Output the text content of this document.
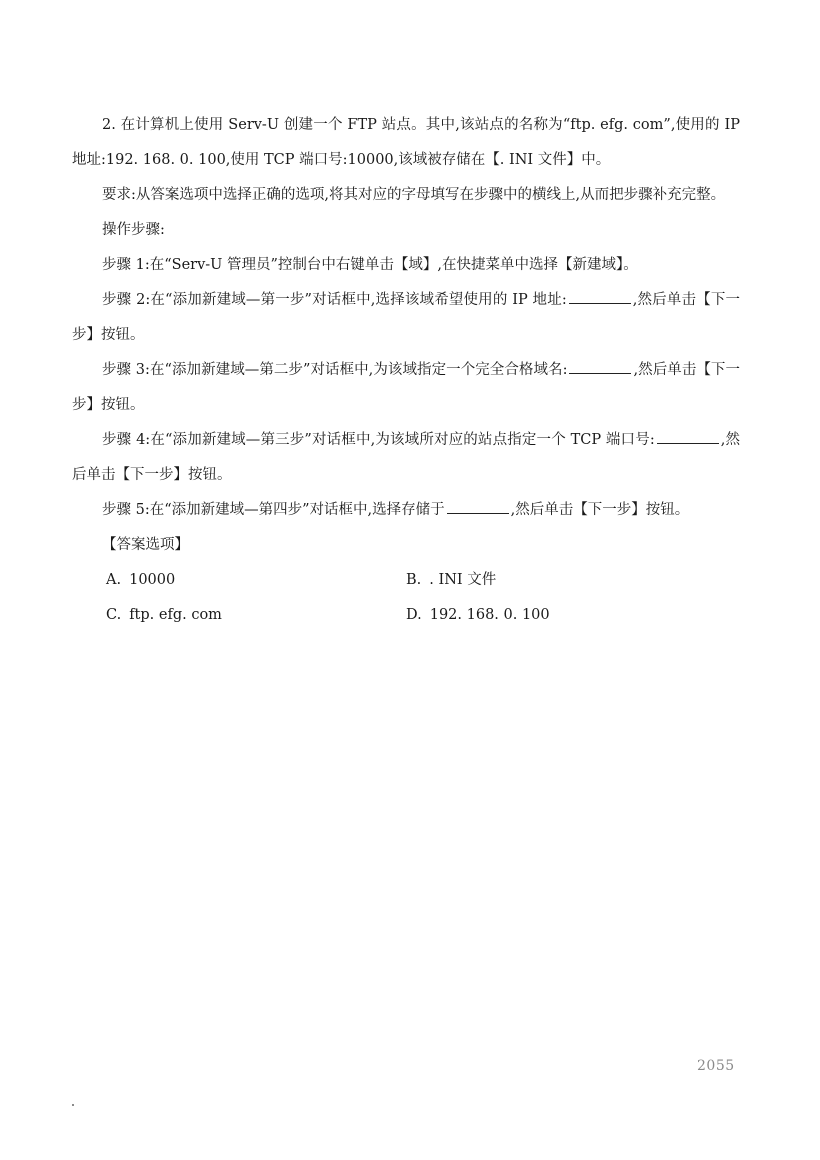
2. 在计算机上使用 Serv-U 创建一个 FTP 站点。其中,该站点的名称为“ftp. efg. com”,使用的 IP 地址:192. 168. 0. 100,使用 TCP 端口号:10000,该域被存储在【. INI 文件】中。

要求:从答案选项中选择正确的选项,将其对应的字母填写在步骤中的横线上,从而把步骤补充完整。

操作步骤:

步骤 1:在“Serv-U 管理员”控制台中右键单击【域】,在快捷菜单中选择【新建域】。

步骤 2:在“添加新建域—第一步”对话框中,选择该域希望使用的 IP 地址:	,然后单击【下一步】按钮。

步骤 3:在“添加新建域—第二步”对话框中,为该域指定一个完全合格域名:	,然后单击【下一步】按钮。

步骤 4:在“添加新建域—第三步”对话框中,为该域所对应的站点指定一个 TCP 端口号:	,然后单击【下一步】按钮。

步骤 5:在“添加新建域—第四步”对话框中,选择存储于	,然后单击【下一步】按钮。

【答案选项】

A. 10000	B. . INI 文件
C. ftp. efg. com	D. 192. 168. 0. 100
2055
